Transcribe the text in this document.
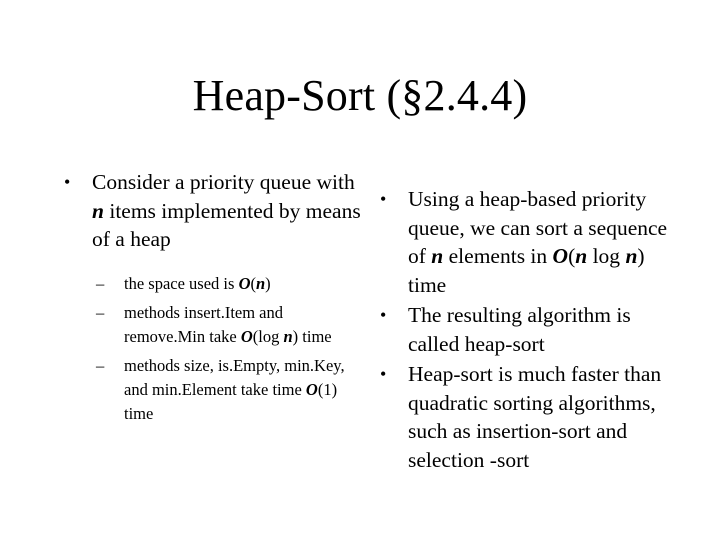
Heap-Sort (§2.4.4)
• Consider a priority queue with n items implemented by means of a heap
– the space used is O(n)
– methods insert.Item and remove.Min take O(log n) time
– methods size, is.Empty, min.Key, and min.Element take time O(1) time
• Using a heap-based priority queue, we can sort a sequence of n elements in O(n log n) time
• The resulting algorithm is called heap-sort
• Heap-sort is much faster than quadratic sorting algorithms, such as insertion-sort and selection -sort
